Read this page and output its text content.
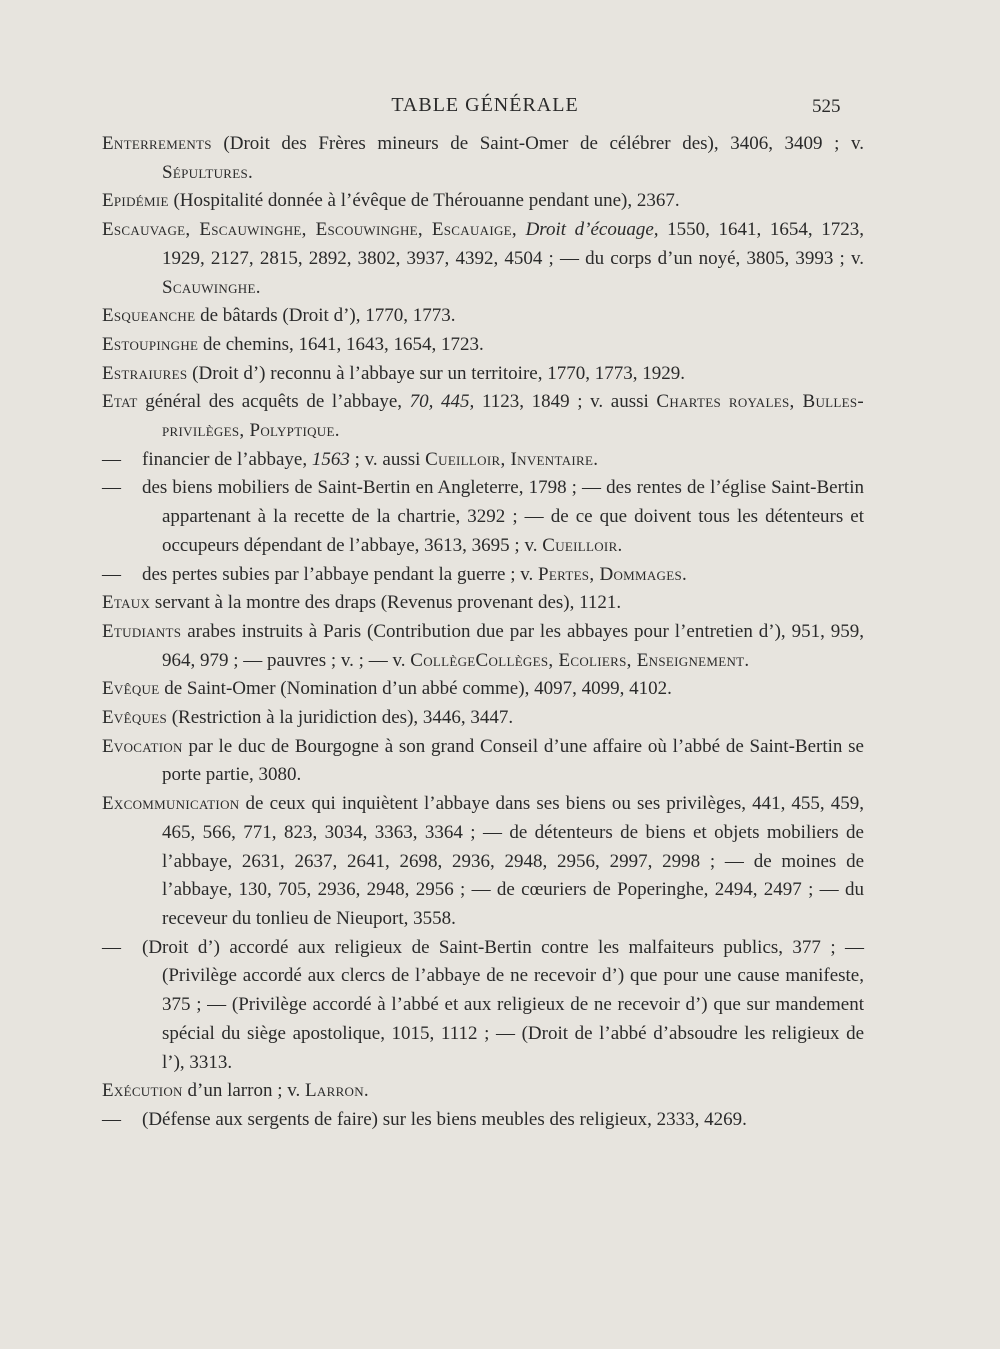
TABLE GÉNÉRALE	525

Enterrements (Droit des Frères mineurs de Saint-Omer de célébrer des), 3406, 3409 ; v. Sépultures.

Epidémie (Hospitalité donnée à l’évêque de Thérouanne pendant une), 2367.

Escauvage, Escauwinghe, Escouwinghe, Escauaige, Droit d’écouage, 1550, 1641, 1654, 1723, 1929, 2127, 2815, 2892, 3802, 3937, 4392, 4504 ; — du corps d’un noyé, 3805, 3993 ; v. Scauwinghe.

Esqueanche de bâtards (Droit d’), 1770, 1773.

Estoupinghe de chemins, 1641, 1643, 1654, 1723.

Estraiures (Droit d’) reconnu à l’abbaye sur un territoire, 1770, 1773, 1929.

Etat général des acquêts de l’abbaye, 70, 445, 1123, 1849 ; v. aussi Chartes royales, Bulles-privilèges, Polyptique.

— financier de l’abbaye, 1563 ; v. aussi Cueilloir, Inventaire.

— des biens mobiliers de Saint-Bertin en Angleterre, 1798 ; — des rentes de l’église Saint-Bertin appartenant à la recette de la chartrie, 3292 ; — de ce que doivent tous les détenteurs et occupeurs dépendant de l’abbaye, 3613, 3695 ; v. Cueilloir.

— des pertes subies par l’abbaye pendant la guerre ; v. Pertes, Dommages.

Etaux servant à la montre des draps (Revenus provenant des), 1121.

Etudiants arabes instruits à Paris (Contribution due par les abbayes pour l’entretien d’), 951, 959, 964, 979 ; — pauvres ; v. ; — v. CollègeCollèges, Ecoliers, Enseignement.

Evêque de Saint-Omer (Nomination d’un abbé comme), 4097, 4099, 4102.

Evêques (Restriction à la juridiction des), 3446, 3447.

Evocation par le duc de Bourgogne à son grand Conseil d’une affaire où l’abbé de Saint-Bertin se porte partie, 3080.

Excommunication de ceux qui inquiètent l’abbaye dans ses biens ou ses privilèges, 441, 455, 459, 465, 566, 771, 823, 3034, 3363, 3364 ; — de détenteurs de biens et objets mobiliers de l’abbaye, 2631, 2637, 2641, 2698, 2936, 2948, 2956, 2997, 2998 ; — de moines de l’abbaye, 130, 705, 2936, 2948, 2956 ; — de cœuriers de Poperinghe, 2494, 2497 ; — du receveur du tonlieu de Nieuport, 3558.

— (Droit d’) accordé aux religieux de Saint-Bertin contre les malfaiteurs publics, 377 ; — (Privilège accordé aux clercs de l’abbaye de ne recevoir d’) que pour une cause manifeste, 375 ; — (Privilège accordé à l’abbé et aux religieux de ne recevoir d’) que sur mandement spécial du siège apostolique, 1015, 1112 ; — (Droit de l’abbé d’absoudre les religieux de l’), 3313.

Exécution d’un larron ; v. Larron.

— (Défense aux sergents de faire) sur les biens meubles des religieux, 2333, 4269.
